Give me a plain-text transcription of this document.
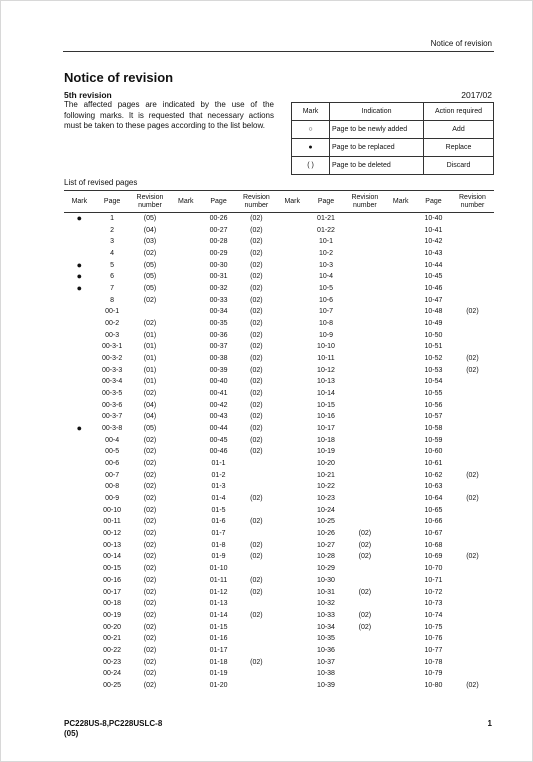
Notice of revision
Notice of revision
5th revision	2017/02
The affected pages are indicated by the use of the following marks. It is requested that necessary actions must be taken to these pages according to the list below.
Mark	Indication	Action required
○	Page to be newly added	Add
●	Page to be replaced	Replace
( )	Page to be deleted	Discard
List of revised pages
Mark	Page	Revision number	Mark	Page	Revision number	Mark	Page	Revision number	Mark	Page	Revision number
●	1	(05)		00-26	(02)		01-21			10-40	
	2	(04)		00-27	(02)		01-22			10-41	
	3	(03)		00-28	(02)		10-1			10-42	
	4	(02)		00-29	(02)		10-2			10-43	
●	5	(05)		00-30	(02)		10-3			10-44	
●	6	(05)		00-31	(02)		10-4			10-45	
●	7	(05)		00-32	(02)		10-5			10-46	
	8	(02)		00-33	(02)		10-6			10-47	
	00-1			00-34	(02)		10-7			10-48	(02)
	00-2	(02)		00-35	(02)		10-8			10-49	
	00-3	(01)		00-36	(02)		10-9			10-50	
	00-3-1	(01)		00-37	(02)		10-10			10-51	
	00-3-2	(01)		00-38	(02)		10-11			10-52	(02)
	00-3-3	(01)		00-39	(02)		10-12			10-53	(02)
	00-3-4	(01)		00-40	(02)		10-13			10-54	
	00-3-5	(02)		00-41	(02)		10-14			10-55	
	00-3-6	(04)		00-42	(02)		10-15			10-56	
	00-3-7	(04)		00-43	(02)		10-16			10-57	
●	00-3-8	(05)		00-44	(02)		10-17			10-58	
	00-4	(02)		00-45	(02)		10-18			10-59	
	00-5	(02)		00-46	(02)		10-19			10-60	
	00-6	(02)		01-1			10-20			10-61	
	00-7	(02)		01-2			10-21			10-62	(02)
	00-8	(02)		01-3			10-22			10-63	
	00-9	(02)		01-4	(02)		10-23			10-64	(02)
	00-10	(02)		01-5			10-24			10-65	
	00-11	(02)		01-6	(02)		10-25			10-66	
	00-12	(02)		01-7			10-26	(02)		10-67	
	00-13	(02)		01-8	(02)		10-27	(02)		10-68	
	00-14	(02)		01-9	(02)		10-28	(02)		10-69	(02)
	00-15	(02)		01-10			10-29			10-70	
	00-16	(02)		01-11	(02)		10-30			10-71	
	00-17	(02)		01-12	(02)		10-31	(02)		10-72	
	00-18	(02)		01-13			10-32			10-73	
	00-19	(02)		01-14	(02)		10-33	(02)		10-74	
	00-20	(02)		01-15			10-34	(02)		10-75	
	00-21	(02)		01-16			10-35			10-76	
	00-22	(02)		01-17			10-36			10-77	
	00-23	(02)		01-18	(02)		10-37			10-78	
	00-24	(02)		01-19			10-38			10-79	
	00-25	(02)		01-20			10-39			10-80	(02)
PC228US-8,PC228USLC-8
(05)
1
